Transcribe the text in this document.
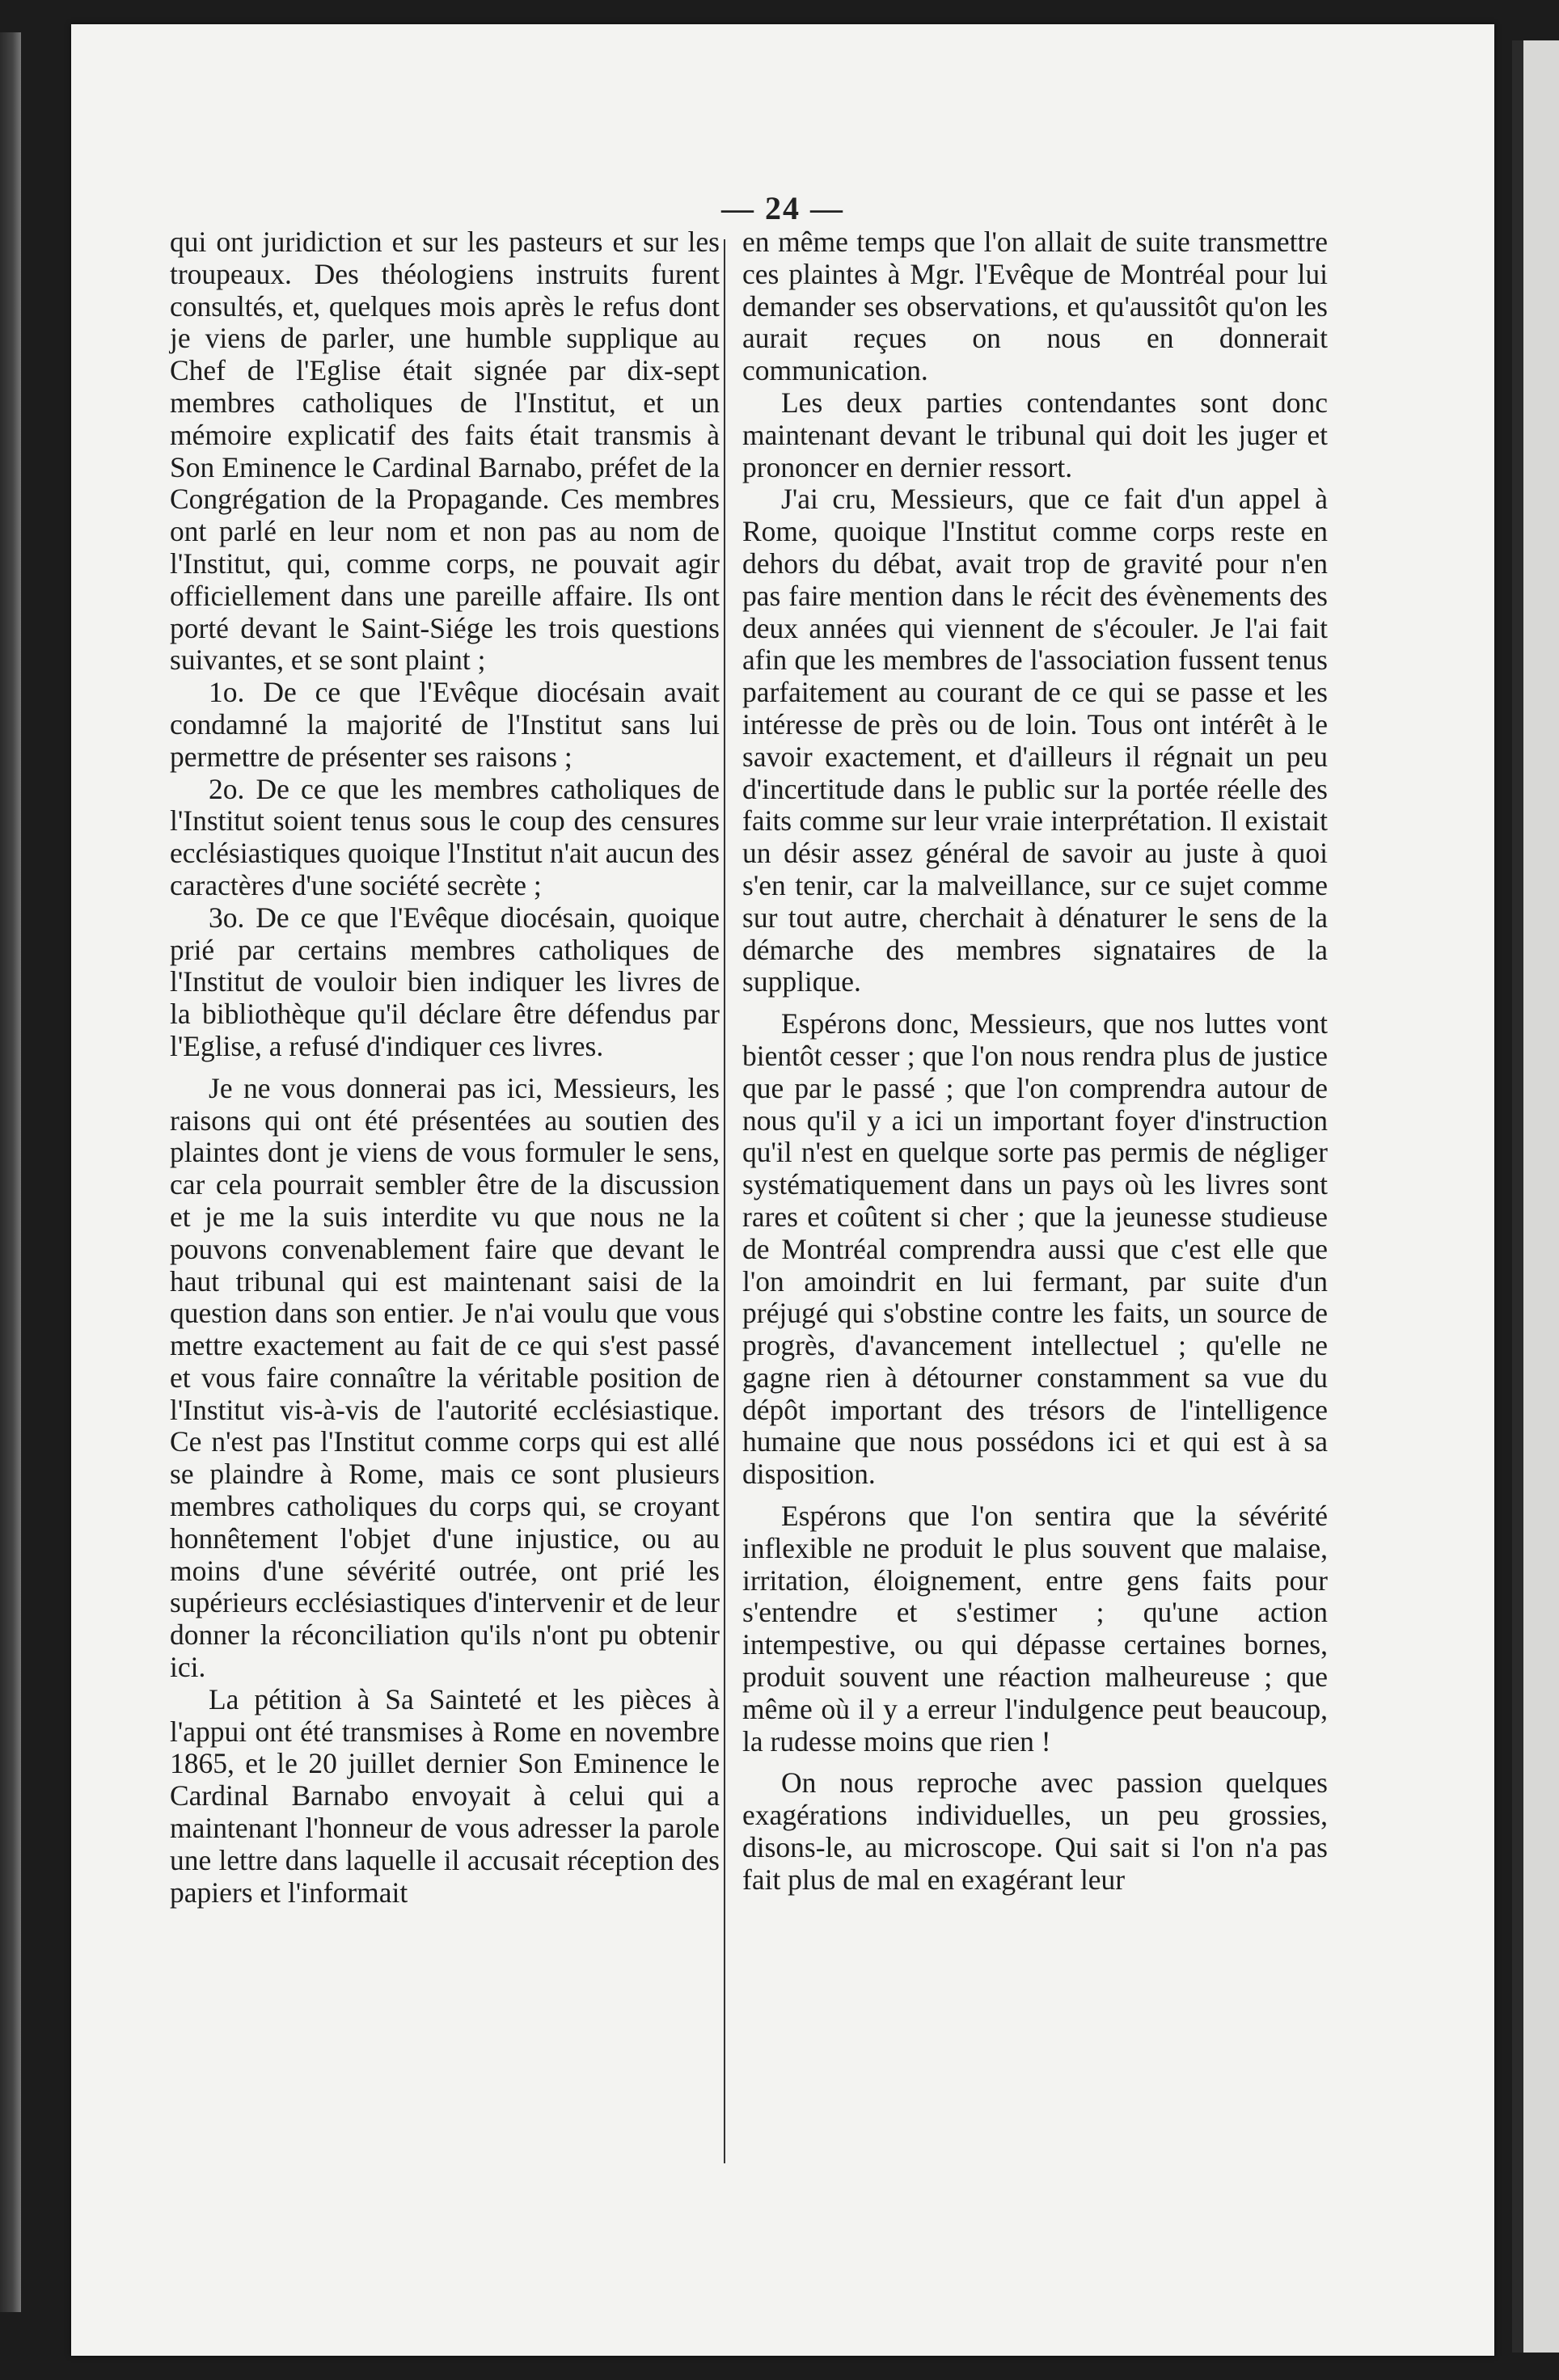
— 24 —

qui ont juridiction et sur les pasteurs et sur les troupeaux. Des théologiens instruits furent consultés, et, quelques mois après le refus dont je viens de parler, une humble supplique au Chef de l'Eglise était signée par dix-sept membres catholiques de l'Institut, et un mémoire explicatif des faits était transmis à Son Eminence le Cardinal Barnabo, préfet de la Congrégation de la Propagande. Ces membres ont parlé en leur nom et non pas au nom de l'Institut, qui, comme corps, ne pouvait agir officiellement dans une pareille affaire. Ils ont porté devant le Saint-Siége les trois questions suivantes, et se sont plaint ;

1o. De ce que l'Evêque diocésain avait condamné la majorité de l'Institut sans lui permettre de présenter ses raisons ;

2o. De ce que les membres catholiques de l'Institut soient tenus sous le coup des censures ecclésiastiques quoique l'Institut n'ait aucun des caractères d'une société secrète ;

3o. De ce que l'Evêque diocésain, quoique prié par certains membres catholiques de l'Institut de vouloir bien indiquer les livres de la bibliothèque qu'il déclare être défendus par l'Eglise, a refusé d'indiquer ces livres.

Je ne vous donnerai pas ici, Messieurs, les raisons qui ont été présentées au soutien des plaintes dont je viens de vous formuler le sens, car cela pourrait sembler être de la discussion et je me la suis interdite vu que nous ne la pouvons convenablement faire que devant le haut tribunal qui est maintenant saisi de la question dans son entier. Je n'ai voulu que vous mettre exactement au fait de ce qui s'est passé et vous faire connaître la véritable position de l'Institut vis-à-vis de l'autorité ecclésiastique. Ce n'est pas l'Institut comme corps qui est allé se plaindre à Rome, mais ce sont plusieurs membres catholiques du corps qui, se croyant honnêtement l'objet d'une injustice, ou au moins d'une sévérité outrée, ont prié les supérieurs ecclésiastiques d'intervenir et de leur donner la réconciliation qu'ils n'ont pu obtenir ici.

La pétition à Sa Sainteté et les pièces à l'appui ont été transmises à Rome en novembre 1865, et le 20 juillet dernier Son Eminence le Cardinal Barnabo envoyait à celui qui a maintenant l'honneur de vous adresser la parole une lettre dans laquelle il accusait réception des papiers et l'informait

en même temps que l'on allait de suite transmettre ces plaintes à Mgr. l'Evêque de Montréal pour lui demander ses observations, et qu'aussitôt qu'on les aurait reçues on nous en donnerait communication.

Les deux parties contendantes sont donc maintenant devant le tribunal qui doit les juger et prononcer en dernier ressort.

J'ai cru, Messieurs, que ce fait d'un appel à Rome, quoique l'Institut comme corps reste en dehors du débat, avait trop de gravité pour n'en pas faire mention dans le récit des évènements des deux années qui viennent de s'écouler. Je l'ai fait afin que les membres de l'association fussent tenus parfaitement au courant de ce qui se passe et les intéresse de près ou de loin. Tous ont intérêt à le savoir exactement, et d'ailleurs il régnait un peu d'incertitude dans le public sur la portée réelle des faits comme sur leur vraie interprétation. Il existait un désir assez général de savoir au juste à quoi s'en tenir, car la malveillance, sur ce sujet comme sur tout autre, cherchait à dénaturer le sens de la démarche des membres signataires de la supplique.

Espérons donc, Messieurs, que nos luttes vont bientôt cesser ; que l'on nous rendra plus de justice que par le passé ; que l'on comprendra autour de nous qu'il y a ici un important foyer d'instruction qu'il n'est en quelque sorte pas permis de négliger systématiquement dans un pays où les livres sont rares et coûtent si cher ; que la jeunesse studieuse de Montréal comprendra aussi que c'est elle que l'on amoindrit en lui fermant, par suite d'un préjugé qui s'obstine contre les faits, un source de progrès, d'avancement intellectuel ; qu'elle ne gagne rien à détourner constamment sa vue du dépôt important des trésors de l'intelligence humaine que nous possédons ici et qui est à sa disposition.

Espérons que l'on sentira que la sévérité inflexible ne produit le plus souvent que malaise, irritation, éloignement, entre gens faits pour s'entendre et s'estimer ; qu'une action intempestive, ou qui dépasse certaines bornes, produit souvent une réaction malheureuse ; que même où il y a erreur l'indulgence peut beaucoup, la rudesse moins que rien !

On nous reproche avec passion quelques exagérations individuelles, un peu grossies, disons-le, au microscope. Qui sait si l'on n'a pas fait plus de mal en exagérant leur
